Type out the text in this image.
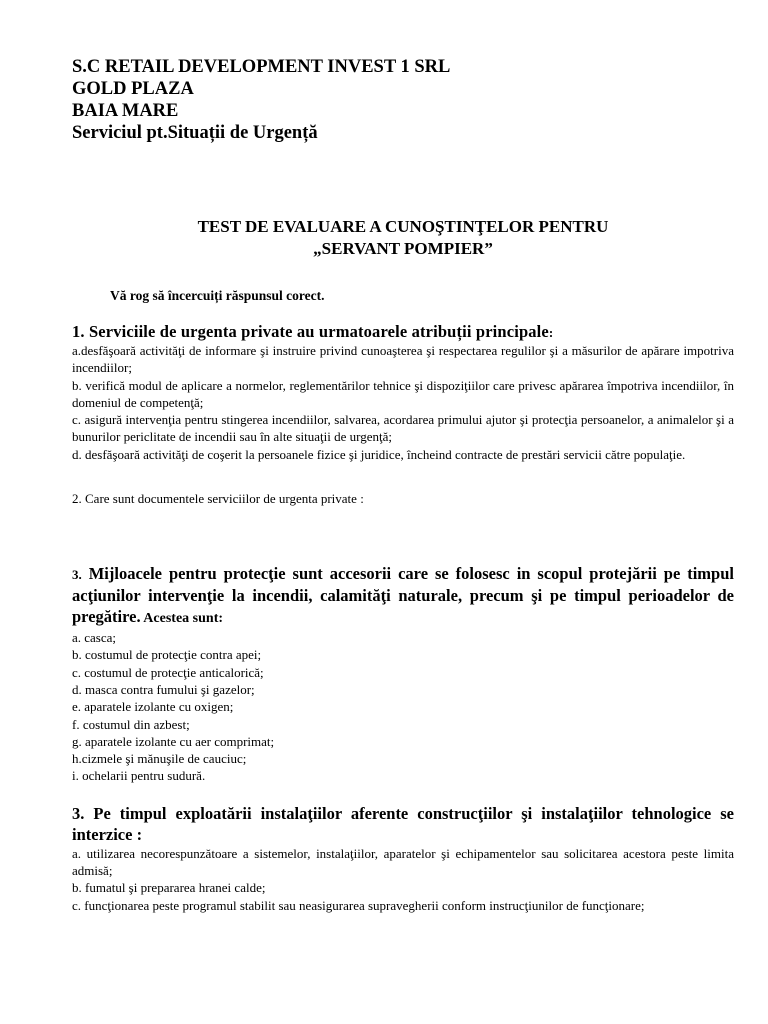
S.C RETAIL DEVELOPMENT INVEST 1 SRL
GOLD PLAZA
BAIA MARE
Serviciul pt.Situații de Urgență
TEST DE EVALUARE A CUNOŞTINŢELOR PENTRU
„SERVANT POMPIER”
Vă rog să încercuiți răspunsul corect.
1. Serviciile de urgenta private au urmatoarele atribuții principale:
a.desfăşoară activităţi de informare şi instruire privind cunoaşterea şi respectarea regulilor şi a măsurilor de apărare impotriva incendiilor;
b. verifică modul de aplicare a normelor, reglementărilor tehnice şi dispoziţiilor care privesc apărarea împotriva incendiilor, în domeniul de competenţă;
c. asigură intervenţia pentru stingerea incendiilor, salvarea, acordarea primului ajutor şi protecţia persoanelor, a animalelor şi a bunurilor periclitate de incendii sau în alte situaţii de urgenţă;
d. desfăşoară activităţi de coşerit la persoanele fizice şi juridice, încheind contracte de prestări servicii către populaţie.
2. Care sunt documentele serviciilor de urgenta private :
3. Mijloacele pentru protecţie sunt accesorii care se folosesc in scopul protejării pe timpul acţiunilor intervenţie la incendii, calamităţi naturale, precum şi pe timpul perioadelor de pregătire. Acestea sunt:
a. casca;
b. costumul de protecţie contra apei;
c. costumul de protecţie anticalorică;
d. masca contra fumului şi gazelor;
e. aparatele izolante cu oxigen;
f. costumul din azbest;
g. aparatele izolante cu aer comprimat;
h.cizmele şi mănuşile de cauciuc;
i. ochelarii pentru sudură.
3. Pe timpul exploatării instalaţiilor aferente construcţiilor şi instalaţiilor tehnologice se interzice :
a. utilizarea necorespunzătoare a sistemelor, instalaţiilor, aparatelor şi echipamentelor sau solicitarea acestora peste limita admisă;
b. fumatul şi prepararea hranei calde;
c. funcţionarea peste programul stabilit sau neasigurarea supravegherii conform instrucţiunilor de funcţionare;
